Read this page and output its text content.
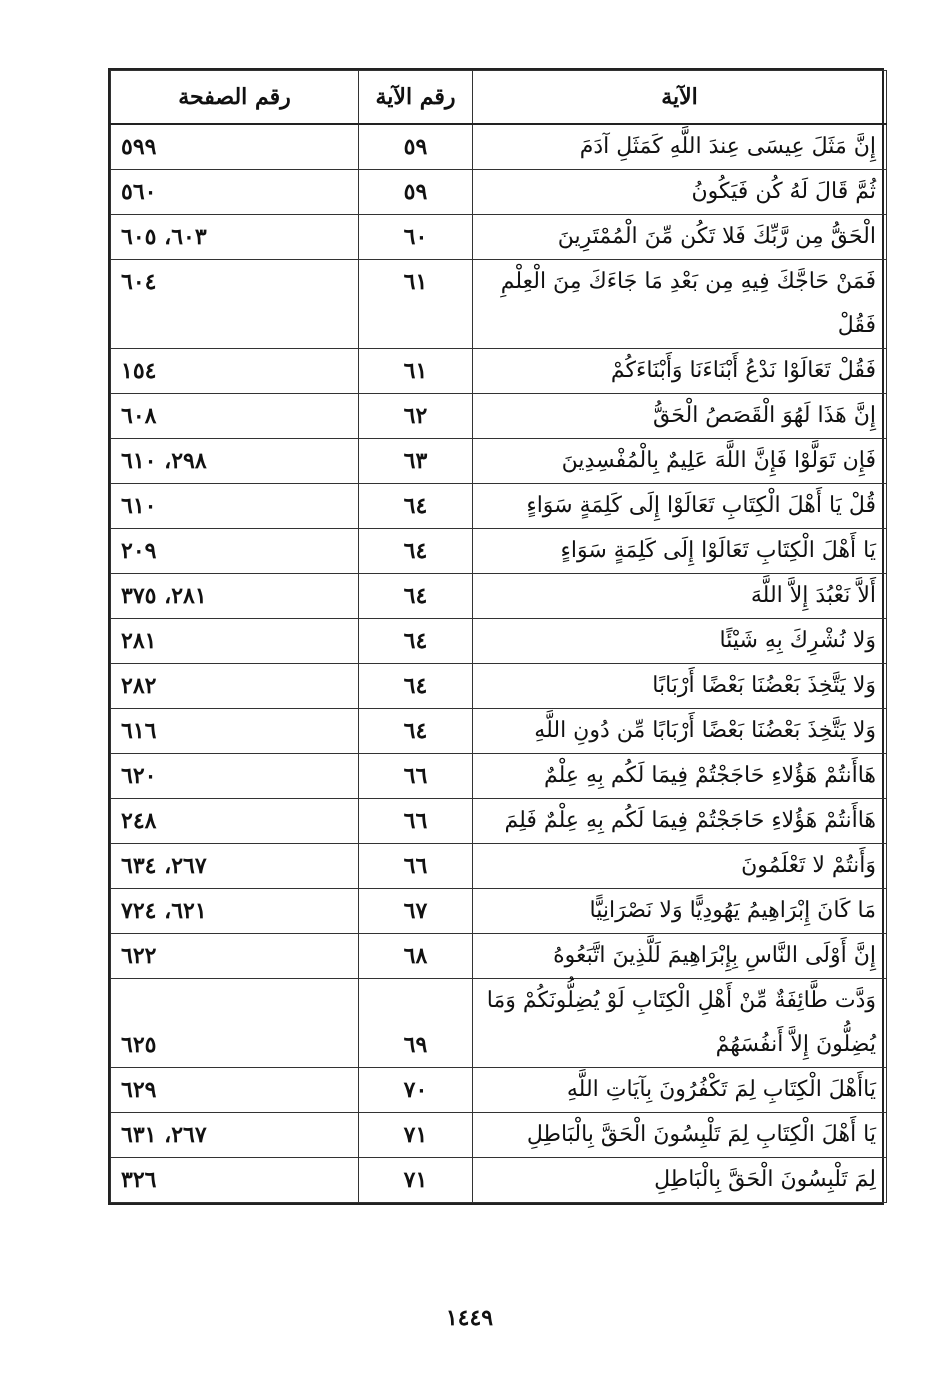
الآية	رقم الآية	رقم الصفحة
إِنَّ مَثَلَ عِيسَى عِندَ اللَّهِ كَمَثَلِ آدَمَ	٥٩	٥٩٩
ثُمَّ قَالَ لَهُ كُن فَيَكُونُ	٥٩	٥٦٠
الْحَقُّ مِن رَّبِّكَ فَلا تَكُن مِّنَ الْمُمْتَرِينَ	٦٠	٦٠٣، ٦٠٥
فَمَنْ حَاجَّكَ فِيهِ مِن بَعْدِ مَا جَاءَكَ مِنَ الْعِلْمِ فَقُلْ	٦١	٦٠٤
فَقُلْ تَعَالَوْا نَدْعُ أَبْنَاءَنَا وَأَبْنَاءَكُمْ	٦١	١٥٤
إِنَّ هَذَا لَهُوَ الْقَصَصُ الْحَقُّ	٦٢	٦٠٨
فَإِن تَوَلَّوْا فَإِنَّ اللَّهَ عَلِيمٌ بِالْمُفْسِدِينَ	٦٣	٢٩٨، ٦١٠
قُلْ يَا أَهْلَ الْكِتَابِ تَعَالَوْا إِلَى كَلِمَةٍ سَوَاءٍ	٦٤	٦١٠
يَا أَهْلَ الْكِتَابِ تَعَالَوْا إِلَى كَلِمَةٍ سَوَاءٍ	٦٤	٢٠٩
أَلاَّ نَعْبُدَ إِلاَّ اللَّهَ	٦٤	٢٨١، ٣٧٥
وَلا نُشْرِكَ بِهِ شَيْئًا	٦٤	٢٨١
وَلا يَتَّخِذَ بَعْضُنَا بَعْضًا أَرْبَابًا	٦٤	٢٨٢
وَلا يَتَّخِذَ بَعْضُنَا بَعْضًا أَرْبَابًا مِّن دُونِ اللَّهِ	٦٤	٦١٦
هَاأَنتُمْ هَؤُلاءِ حَاجَجْتُمْ فِيمَا لَكُم بِهِ عِلْمٌ	٦٦	٦٢٠
هَاأَنتُمْ هَؤُلاءِ حَاجَجْتُمْ فِيمَا لَكُم بِهِ عِلْمٌ فَلِمَ	٦٦	٢٤٨
وَأَنتُمْ لا تَعْلَمُونَ	٦٦	٢٦٧، ٦٣٤
مَا كَانَ إِبْرَاهِيمُ يَهُودِيًّا وَلا نَصْرَانِيًّا	٦٧	٦٢١، ٧٢٤
إِنَّ أَوْلَى النَّاسِ بِإِبْرَاهِيمَ لَلَّذِينَ اتَّبَعُوهُ	٦٨	٦٢٢
وَدَّت طَّائِفَةٌ مِّنْ أَهْلِ الْكِتَابِ لَوْ يُضِلُّونَكُمْ وَمَا يُضِلُّونَ إِلاَّ أَنفُسَهُمْ	٦٩	٦٢٥
يَاأَهْلَ الْكِتَابِ لِمَ تَكْفُرُونَ بِآيَاتِ اللَّهِ	٧٠	٦٢٩
يَا أَهْلَ الْكِتَابِ لِمَ تَلْبِسُونَ الْحَقَّ بِالْبَاطِلِ	٧١	٢٦٧، ٦٣١
لِمَ تَلْبِسُونَ الْحَقَّ بِالْبَاطِلِ	٧١	٣٢٦
١٤٤٩
